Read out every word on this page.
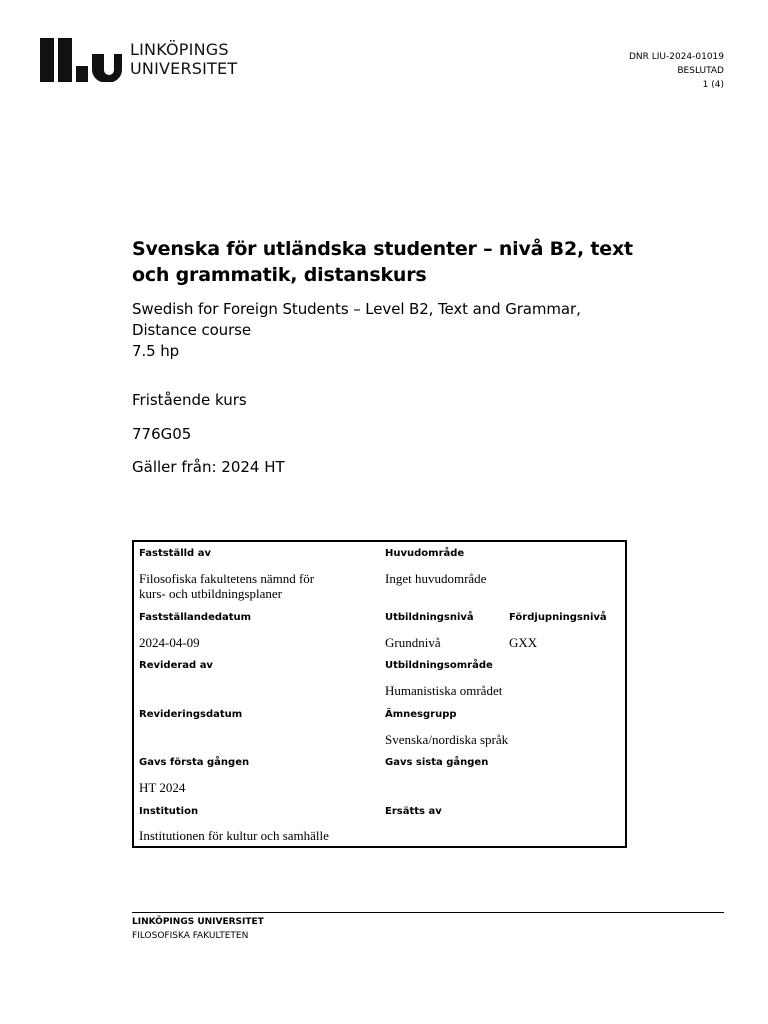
LINKÖPINGS
UNIVERSITET
DNR LIU-2024-01019
BESLUTAD
1 (4)
Svenska för utländska studenter – nivå B2, text och grammatik, distanskurs
Swedish for Foreign Students – Level B2, Text and Grammar,
Distance course
7.5 hp
Fristående kurs
776G05
Gäller från: 2024 HT
Fastställd av
Filosofiska fakultetens nämnd för
kurs- och utbildningsplaner
Huvudområde
Inget huvudområde
Fastställandedatum
2024-04-09
Utbildningsnivå
Grundnivå
Fördjupningsnivå
GXX
Reviderad av	Utbildningsområde
Humanistiska området
Revideringsdatum	Ämnesgrupp
Svenska/nordiska språk
Gavs första gången
HT 2024
Gavs sista gången
Institution
Institutionen för kultur och samhälle
Ersätts av
LINKÖPINGS UNIVERSITET
FILOSOFISKA FAKULTETEN
